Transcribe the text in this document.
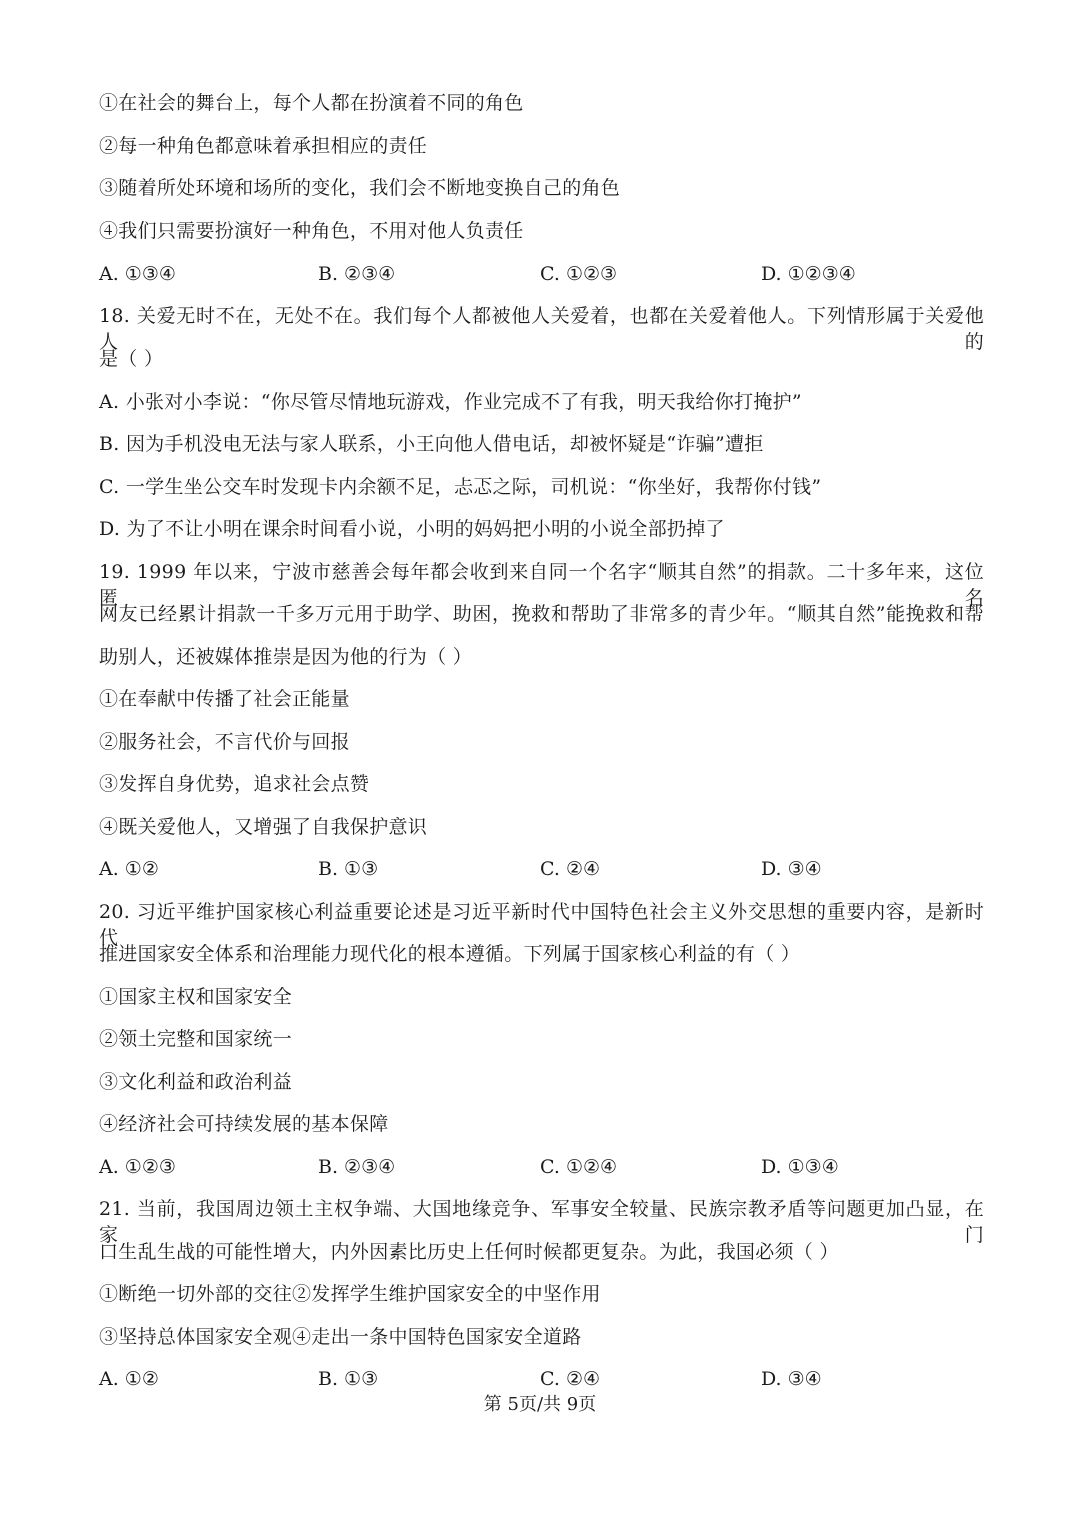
①在社会的舞台上，每个人都在扮演着不同的角色
②每一种角色都意味着承担相应的责任
③随着所处环境和场所的变化，我们会不断地变换自己的角色
④我们只需要扮演好一种角色，不用对他人负责任
A. ①③④	B. ②③④	C. ①②③	D. ①②③④
18. 关爱无时不在，无处不在。我们每个人都被他人关爱着，也都在关爱着他人。下列情形属于关爱他人的
是（ ）
A. 小张对小李说：“你尽管尽情地玩游戏，作业完成不了有我，明天我给你打掩护”
B. 因为手机没电无法与家人联系，小王向他人借电话，却被怀疑是“诈骗”遭拒
C. 一学生坐公交车时发现卡内余额不足，忐忑之际，司机说：“你坐好，我帮你付钱”
D. 为了不让小明在课余时间看小说，小明的妈妈把小明的小说全部扔掉了
19. 1999 年以来，宁波市慈善会每年都会收到来自同一个名字“顺其自然”的捐款。二十多年来，这位匿名
网友已经累计捐款一千多万元用于助学、助困，挽救和帮助了非常多的青少年。“顺其自然”能挽救和帮
助别人，还被媒体推崇是因为他的行为（ ）
①在奉献中传播了社会正能量
②服务社会，不言代价与回报
③发挥自身优势，追求社会点赞
④既关爱他人，又增强了自我保护意识
A. ①②	B. ①③	C. ②④	D. ③④
20. 习近平维护国家核心利益重要论述是习近平新时代中国特色社会主义外交思想的重要内容，是新时代
推进国家安全体系和治理能力现代化的根本遵循。下列属于国家核心利益的有（ ）
①国家主权和国家安全
②领土完整和国家统一
③文化利益和政治利益
④经济社会可持续发展的基本保障
A. ①②③	B. ②③④	C. ①②④	D. ①③④
21. 当前，我国周边领土主权争端、大国地缘竞争、军事安全较量、民族宗教矛盾等问题更加凸显，在家门
口生乱生战的可能性增大，内外因素比历史上任何时候都更复杂。为此，我国必须（ ）
①断绝一切外部的交往②发挥学生维护国家安全的中坚作用
③坚持总体国家安全观④走出一条中国特色国家安全道路
A. ①②	B. ①③	C. ②④	D. ③④
第 5页/共 9页
